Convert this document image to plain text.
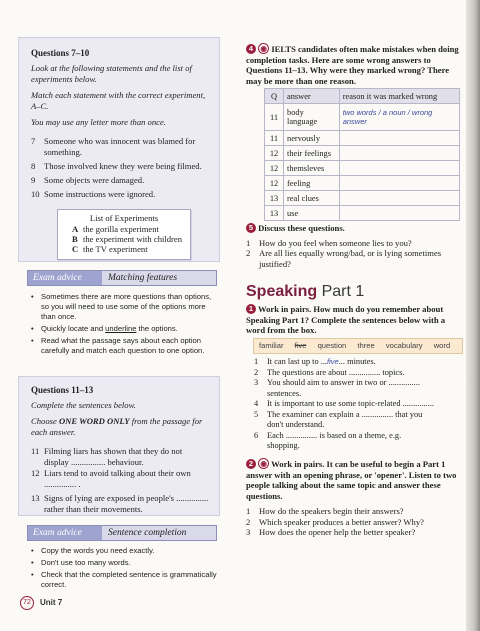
Questions 7–10

Look at the following statements and the list of experiments below.

Match each statement with the correct experiment, A–C.

You may use any letter more than once.

7 Someone who was innocent was blamed for something.
8 Those involved knew they were being filmed.
9 Some objects were damaged.
10 Some instructions were ignored.

List of Experiments

A the gorilla experiment
B the experiment with children
C the TV experiment
Exam advice	Matching features
• Sometimes there are more questions than options, so you will need to use some of the options more than once.
• Quickly locate and underline the options.
• Read what the passage says about each option carefully and match each question to one option.

Questions 11–13

Complete the sentences below.

Choose ONE WORD ONLY from the passage for each answer.

11 Filming liars has shown that they do not
display ................ behaviour.
12 Liars tend to avoid talking about their own
............... .
13 Signs of lying are exposed in people's ...............
rather than their movements.
Exam advice	Sentence completion
• Copy the words you need exactly.
• Don't use too many words.
• Check that the completed sentence is grammatically correct.
72	Unit 7

4 ◉ IELTS candidates often make mistakes when doing completion tasks. Here are some wrong answers to Questions 11–13. Why were they marked wrong? There may be more than one reason.

Q	answer	reason it was marked wrong
11	body language	two words / a noun / wrong answer
11	nervously	
12	their feelings	
12	themsleves	
12	feeling	
13	real clues	
13	use	

5 Discuss these questions.

1 How do you feel when someone lies to you?
2 Are all lies equally wrong/bad, or is lying sometimes justified?
Speaking Part 1

1 Work in pairs. How much do you remember about Speaking Part 1? Complete the sentences below with a word from the box.

familiar five question three vocabulary word
1 It can last up to ...five... minutes.
2 The questions are about ............... topics.
3 You should aim to answer in two or ...............
sentences.
4 It is important to use some topic-related ...............
5 The examiner can explain a ............... that you
don't understand.
6 Each ............... is based on a theme, e.g.
shopping.

2 ◉ Work in pairs. It can be useful to begin a Part 1 answer with an opening phrase, or 'opener'. Listen to two people talking about the same topic and answer these questions.

1 How do the speakers begin their answers?
2 Which speaker produces a better answer? Why?
3 How does the opener help the better speaker?
